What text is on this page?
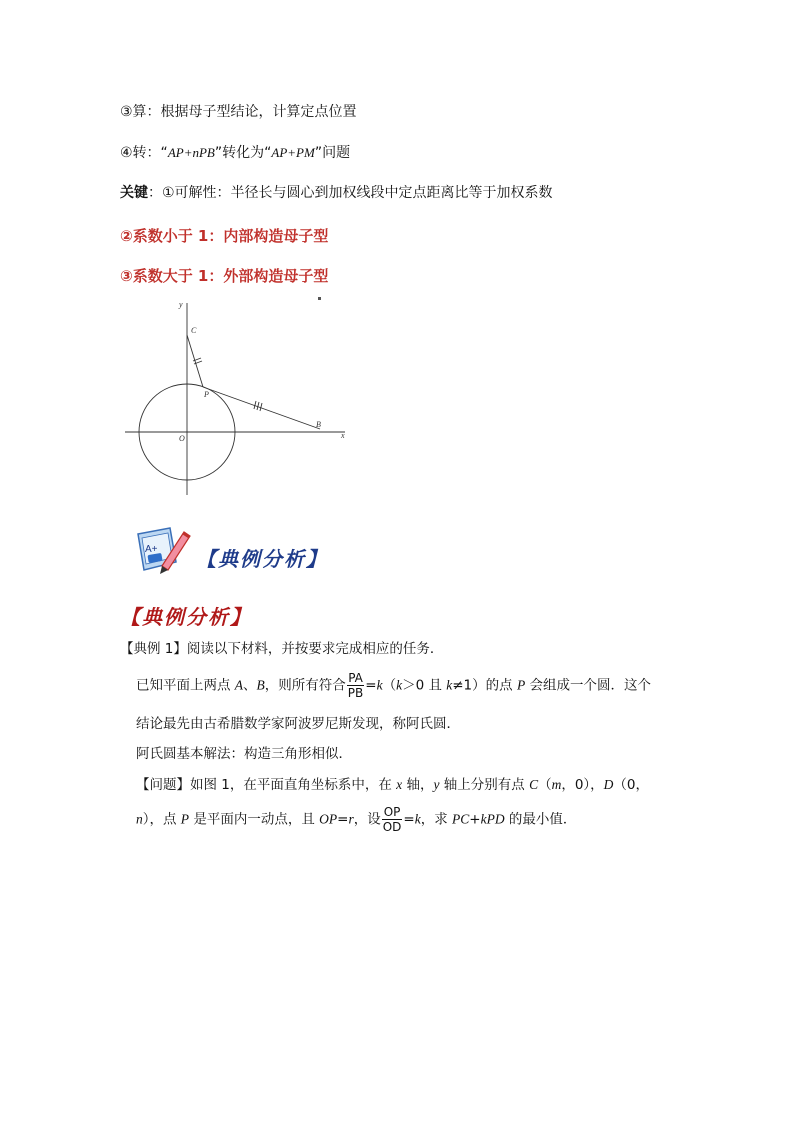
③算：根据母子型结论，计算定点位置
④转：“AP+nPB”转化为“AP+PM”问题
关键：①可解性：半径长与圆心到加权线段中定点距离比等于加权系数
②系数小于 1：内部构造母子型
③系数大于 1：外部构造母子型
y
x
C
P
B
O
A+ 【典例分析】
【典例分析】
【典例 1】阅读以下材料，并按要求完成相应的任务．
已知平面上两点 A、B，则所有符合 $\frac{PA}{PB} =k(k>0$ 且 k≠1）的点 P 会组成一个圆．这个
结论最先由古希腊数学家阿波罗尼斯发现，称阿氏圆．
阿氏圆基本解法：构造三角形相似．
【问题】如图 1，在平面直角坐标系中，在 x 轴，y 轴上分别有点 C（m，0），D（0，
n），点 P 是平面内一动点，且 OP=r，设 $\frac{OP}{OD} =k$，求 PC+kPD 的最小值．
